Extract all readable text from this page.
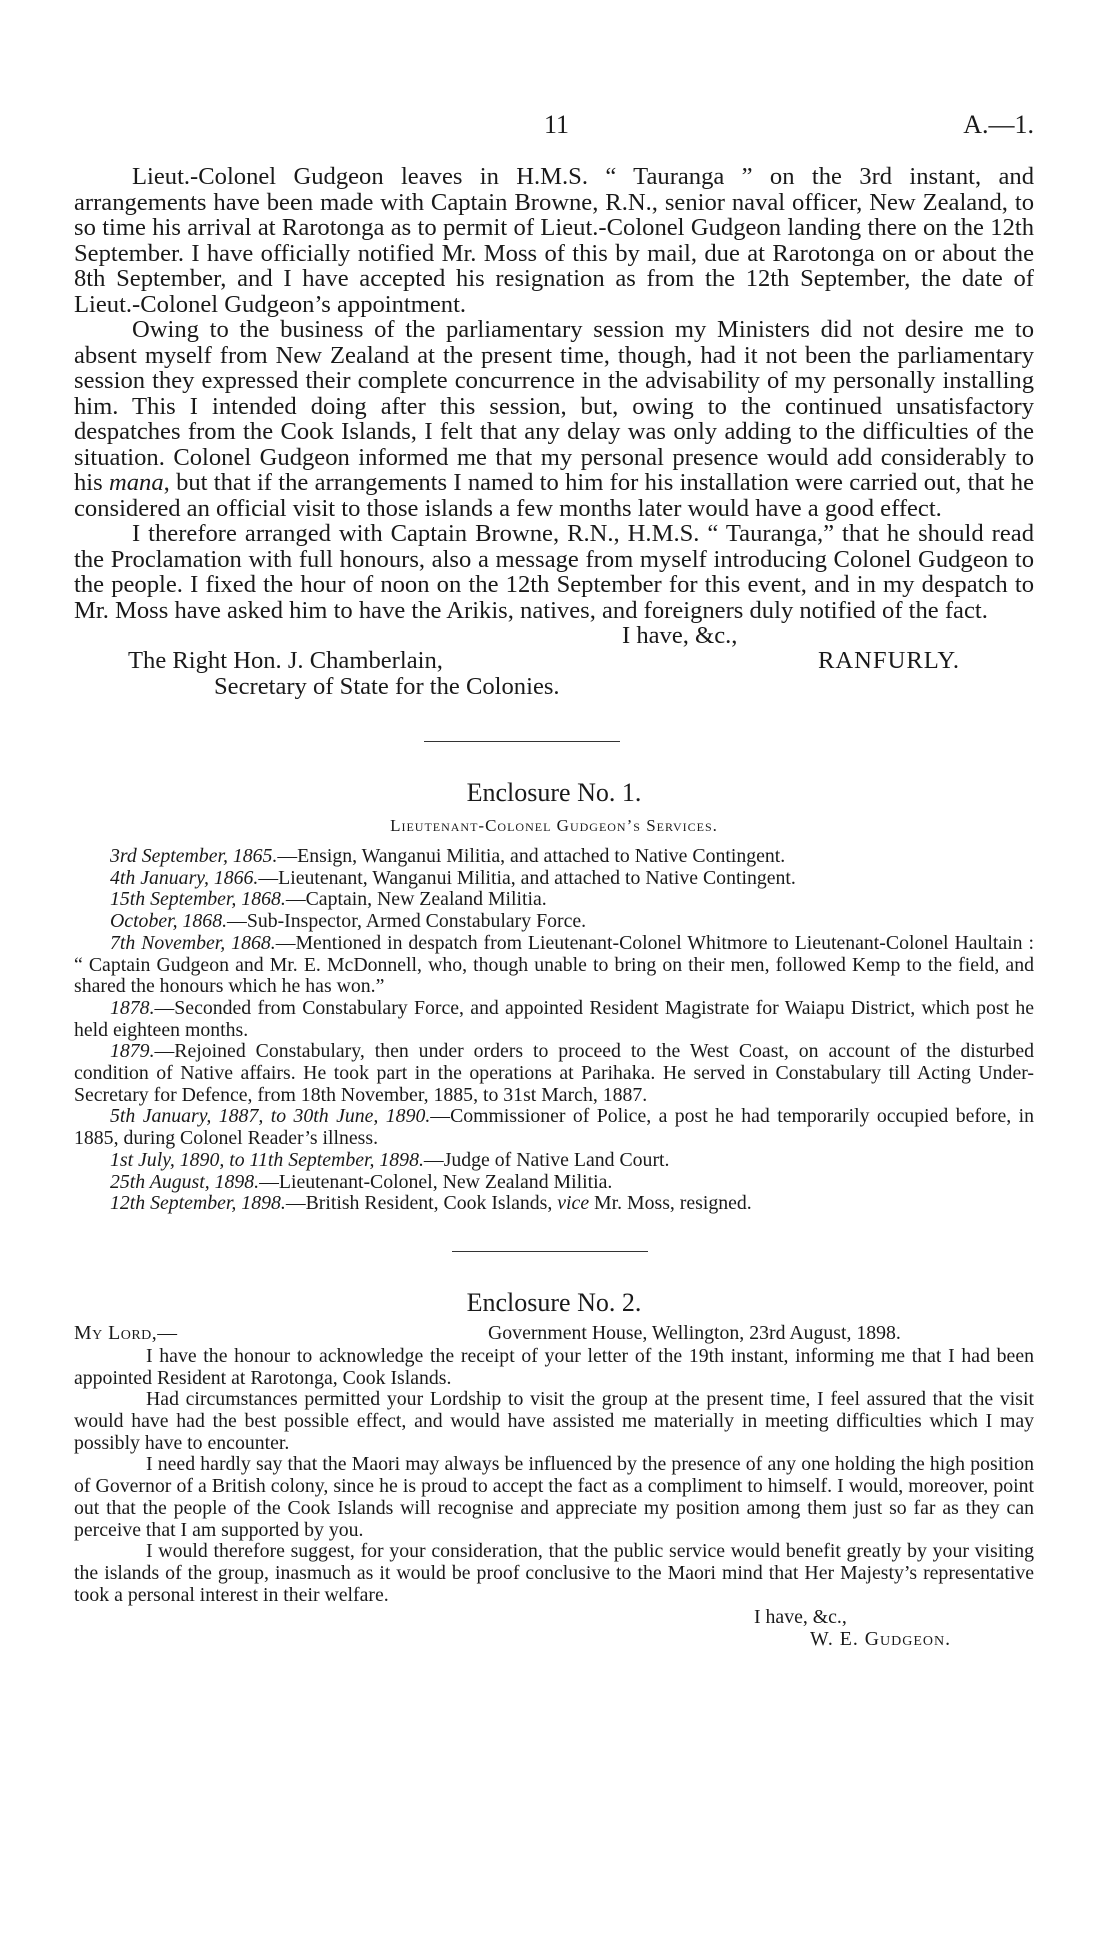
11	A.—1.

Lieut.-Colonel Gudgeon leaves in H.M.S. “ Tauranga ” on the 3rd instant, and arrangements have been made with Captain Browne, R.N., senior naval officer, New Zealand, to so time his arrival at Rarotonga as to permit of Lieut.-Colonel Gudgeon landing there on the 12th September. I have officially notified Mr. Moss of this by mail, due at Rarotonga on or about the 8th September, and I have accepted his resignation as from the 12th September, the date of Lieut.-Colonel Gudgeon’s appointment.

Owing to the business of the parliamentary session my Ministers did not desire me to absent myself from New Zealand at the present time, though, had it not been the parliamentary session they expressed their complete concurrence in the advisability of my personally installing him. This I intended doing after this session, but, owing to the continued unsatisfactory despatches from the Cook Islands, I felt that any delay was only adding to the difficulties of the situation. Colonel Gudgeon informed me that my personal presence would add considerably to his mana, but that if the arrangements I named to him for his installation were carried out, that he considered an official visit to those islands a few months later would have a good effect.

I therefore arranged with Captain Browne, R.N., H.M.S. “ Tauranga,” that he should read the Proclamation with full honours, also a message from myself introducing Colonel Gudgeon to the people. I fixed the hour of noon on the 12th September for this event, and in my despatch to Mr. Moss have asked him to have the Arikis, natives, and foreigners duly notified of the fact.

I have, &c.,
The Right Hon. J. Chamberlain,	RANFURLY.
Secretary of State for the Colonies.
Enclosure No. 1.
Lieutenant-Colonel Gudgeon’s Services.

3rd September, 1865.—Ensign, Wanganui Militia, and attached to Native Contingent.

4th January, 1866.—Lieutenant, Wanganui Militia, and attached to Native Contingent.

15th September, 1868.—Captain, New Zealand Militia.

October, 1868.—Sub-Inspector, Armed Constabulary Force.

7th November, 1868.—Mentioned in despatch from Lieutenant-Colonel Whitmore to Lieutenant-Colonel Haultain : “ Captain Gudgeon and Mr. E. McDonnell, who, though unable to bring on their men, followed Kemp to the field, and shared the honours which he has won.”

1878.—Seconded from Constabulary Force, and appointed Resident Magistrate for Waiapu District, which post he held eighteen months.

1879.—Rejoined Constabulary, then under orders to proceed to the West Coast, on account of the disturbed condition of Native affairs. He took part in the operations at Parihaka. He served in Constabulary till Acting Under-Secretary for Defence, from 18th November, 1885, to 31st March, 1887.

5th January, 1887, to 30th June, 1890.—Commissioner of Police, a post he had temporarily occupied before, in 1885, during Colonel Reader’s illness.

1st July, 1890, to 11th September, 1898.—Judge of Native Land Court.

25th August, 1898.—Lieutenant-Colonel, New Zealand Militia.

12th September, 1898.—British Resident, Cook Islands, vice Mr. Moss, resigned.

Enclosure No. 2.
My Lord,—	Government House, Wellington, 23rd August, 1898.

I have the honour to acknowledge the receipt of your letter of the 19th instant, informing me that I had been appointed Resident at Rarotonga, Cook Islands.

Had circumstances permitted your Lordship to visit the group at the present time, I feel assured that the visit would have had the best possible effect, and would have assisted me materially in meeting difficulties which I may possibly have to encounter.

I need hardly say that the Maori may always be influenced by the presence of any one holding the high position of Governor of a British colony, since he is proud to accept the fact as a compliment to himself. I would, moreover, point out that the people of the Cook Islands will recognise and appreciate my position among them just so far as they can perceive that I am supported by you.

I would therefore suggest, for your consideration, that the public service would benefit greatly by your visiting the islands of the group, inasmuch as it would be proof conclusive to the Maori mind that Her Majesty’s representative took a personal interest in their welfare.

I have, &c.,
W. E. Gudgeon.
